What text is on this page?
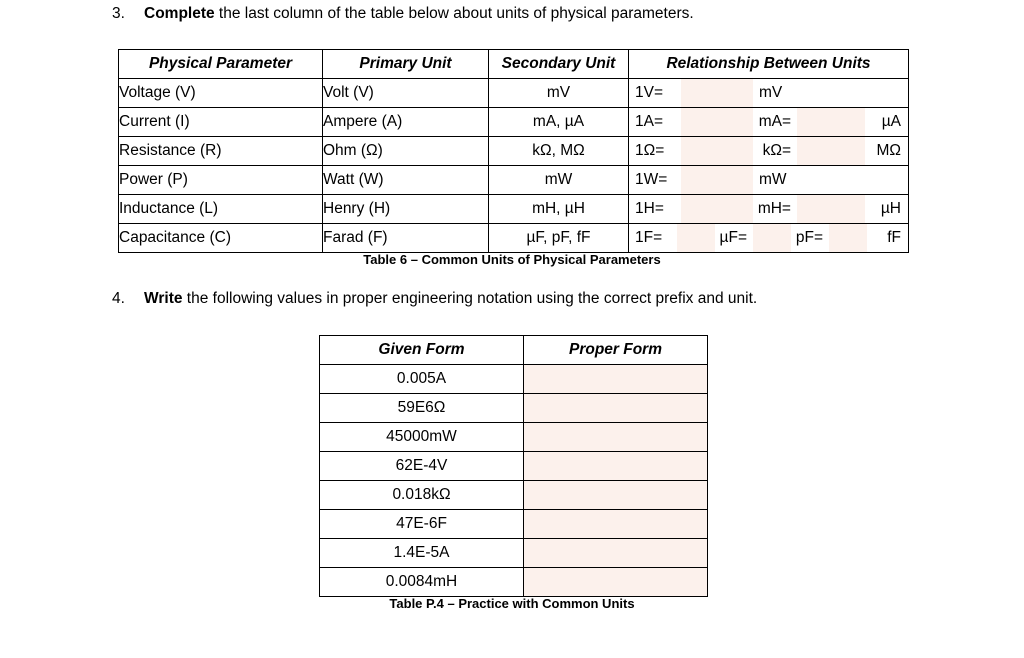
3.	Complete the last column of the table below about units of physical parameters.
Physical Parameter	Primary Unit	Secondary Unit	Relationship Between Units
Voltage (V)	Volt (V)	mV	1V= mV

Current (I)	Ampere (A)	mA, µA	1A= mA= µA

Resistance (R)	Ohm (Ω)	kΩ, MΩ	1Ω= kΩ= MΩ

Power (P)	Watt (W)	mW	1W= mW

Inductance (L)	Henry (H)	mH, µH	1H= mH= µH

Capacitance (C)	Farad (F)	µF, pF, fF	1F= µF= pF= fF
Table 6 – Common Units of Physical Parameters
4.	Write the following values in proper engineering notation using the correct prefix and unit.
Given Form	Proper Form
0.005A	
59E6Ω	
45000mW	
62E-4V	
0.018kΩ	
47E-6F	
1.4E-5A	
0.0084mH	
Table P.4 – Practice with Common Units
